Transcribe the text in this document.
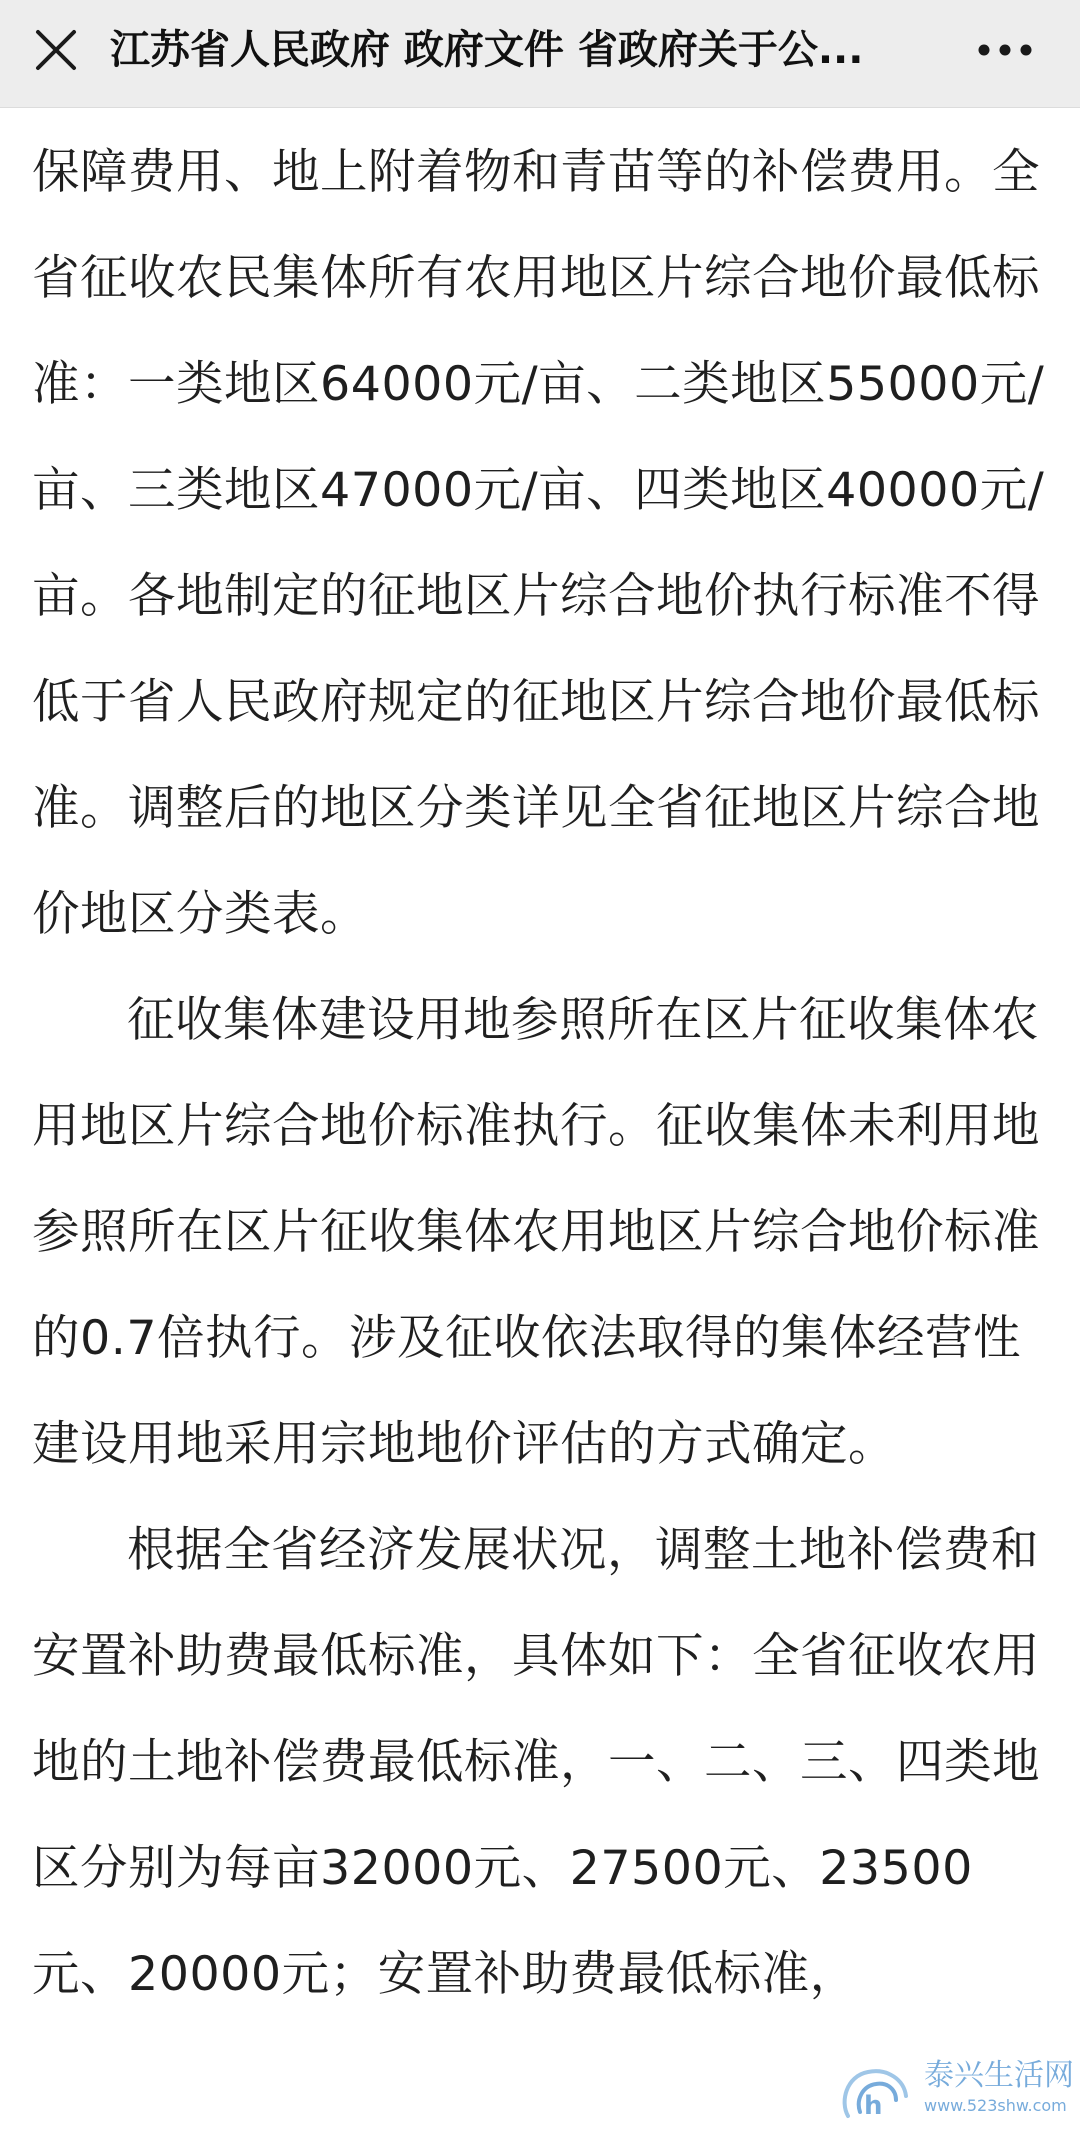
江苏省人民政府 政府文件 省政府关于公...

保障费用、地上附着物和青苗等的补偿费用。全省征收农民集体所有农用地区片综合地价最低标准：一类地区64000元/亩、二类地区55000元/亩、三类地区47000元/亩、四类地区40000元/亩。各地制定的征地区片综合地价执行标准不得低于省人民政府规定的征地区片综合地价最低标准。调整后的地区分类详见全省征地区片综合地价地区分类表。

征收集体建设用地参照所在区片征收集体农用地区片综合地价标准执行。征收集体未利用地参照所在区片征收集体农用地区片综合地价标准的0.7倍执行。涉及征收依法取得的集体经营性建设用地采用宗地地价评估的方式确定。

根据全省经济发展状况，调整土地补偿费和安置补助费最低标准，具体如下：全省征收农用地的土地补偿费最低标准，一、二、三、四类地区分别为每亩32000元、27500元、23500元、20000元；安置补助费最低标准，

h
泰兴生活网
www.523shw.com
